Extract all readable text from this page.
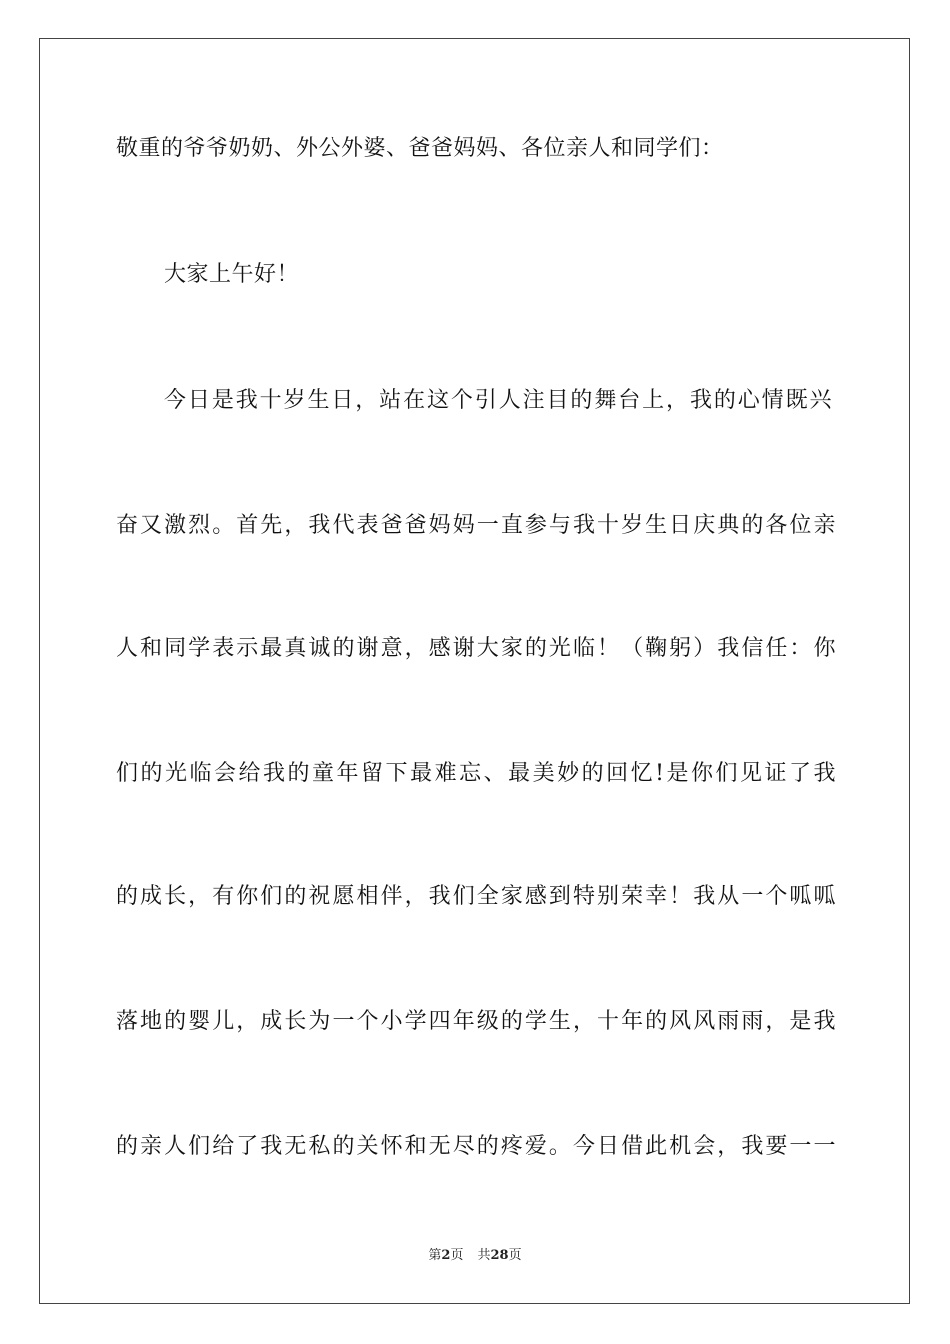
敬重的爷爷奶奶、外公外婆、爸爸妈妈、各位亲人和同学们：
大家上午好！
今日是我十岁生日，站在这个引人注目的舞台上，我的心情既兴
奋又激烈。首先，我代表爸爸妈妈一直参与我十岁生日庆典的各位亲
人和同学表示最真诚的谢意，感谢大家的光临！（鞠躬）我信任：你
们的光临会给我的童年留下最难忘、最美妙的回忆!是你们见证了我
的成长，有你们的祝愿相伴，我们全家感到特别荣幸！我从一个呱呱
落地的婴儿，成长为一个小学四年级的学生，十年的风风雨雨，是我
的亲人们给了我无私的关怀和无尽的疼爱。今日借此机会，我要一一
第2页 共28页
